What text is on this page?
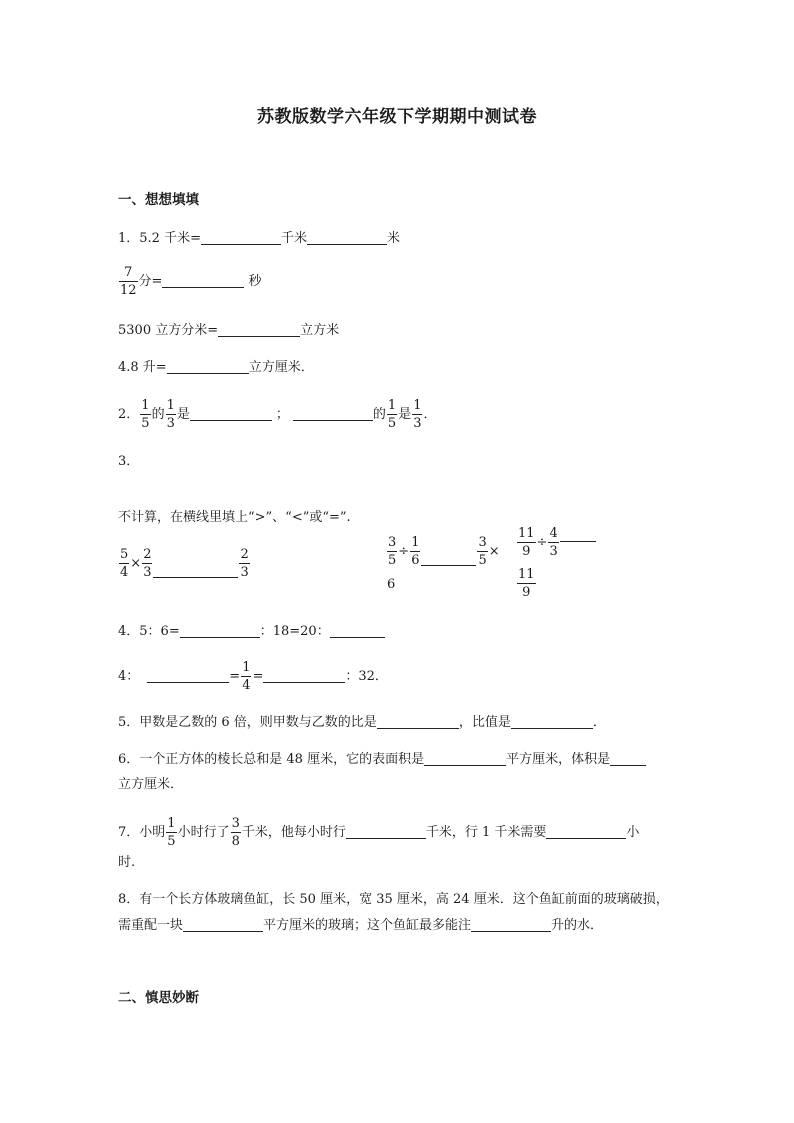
苏教版数学六年级下学期期中测试卷
一、想想填填
1．5.2 千米=	千米	米
$\frac{7}{12}$ 分=	秒
5300 立方分米=	立方米
4.8 升=	立方厘米．
2． $\frac{1}{5}$ 的 $\frac{1}{3}$ 是	；	的 $\frac{1}{5}$ 是 $\frac{1}{3}$ ．
3．
不计算，在横线里填上“>”、“<”或“=”.
$\frac{5}{4} \times \frac{2}{3}$	$\frac{2}{3}$	$\frac{3}{5} \div \frac{1}{6}$	$\frac{3}{5}$ ×
6
$\frac{11}{9} \div \frac{4}{3}$
$\frac{11}{9}$
4．5：6=	：18=20：
4：	= $\frac{1}{4}$ =	：32．
5．甲数是乙数的 6 倍，则甲数与乙数的比是	，比值是	．
6．一个正方体的棱长总和是 48 厘米，它的表面积是	平方厘米，体积是
立方厘米．
7．小明 $\frac{1}{5}$ 小时行了 $\frac{3}{8}$ 千米，他每小时行	千米，行 1 千米需要	小
时.
8．有一个长方体玻璃鱼缸，长 50 厘米，宽 35 厘米，高 24 厘米．这个鱼缸前面的玻璃破损，
需重配一块	平方厘米的玻璃；这个鱼缸最多能注	升的水．
二、慎思妙断
